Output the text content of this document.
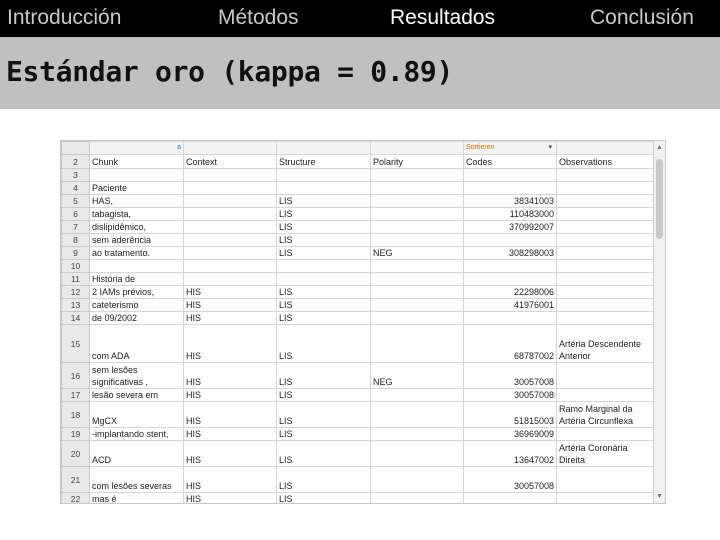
Introducción	Métodos	Resultados	Conclusión
Estándar oro (kappa = 0.89)

	a				Sortieren ▾	

2	Chunk	Context	Structure	Polarity	Codes	Observations
3						
4	Paciente					
5	HAS,		LIS		38341003	
6	tabagista,		LIS		110483000	
7	dislipidêmico,		LIS		370992007	
8	sem aderência		LIS			
9	ao tratamento.		LIS	NEG	308298003	
10						
11	História de					
12	2 IAMs prévios,	HIS	LIS		22298006	
13	cateterismo	HIS	LIS		41976001	
14	de 09/2002	HIS	LIS			
15	com ADA	HIS	LIS		68787002	Artéria Descendente Anterior
16	sem lesões significativas ,	HIS	LIS	NEG	30057008	
17	lesão severa em	HIS	LIS		30057008	
18	MgCX	HIS	LIS		51815003	Ramo Marginal da Artéria Circunflexa
19	-implantando stent,	HIS	LIS		36969009	
20	ACD	HIS	LIS		13647002	Artéria Coronária Direita
21	com lesões severas	HIS	LIS		30057008	
22	mas é	HIS	LIS			
▲
▼
